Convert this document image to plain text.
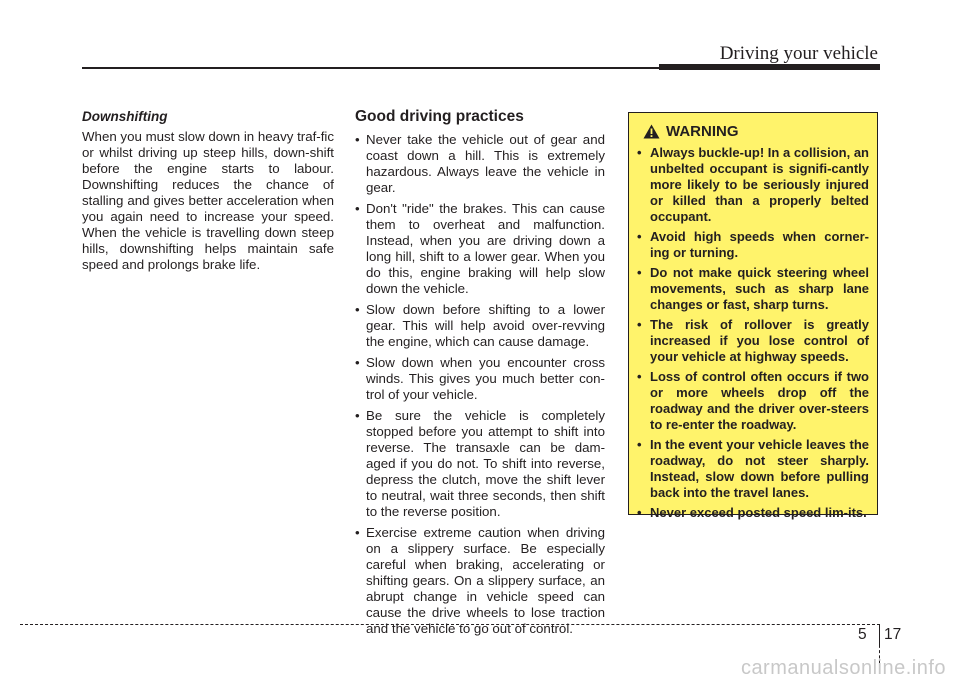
Driving your vehicle

Downshifting

When you must slow down in heavy traf-fic or whilst driving up steep hills, down-shift before the engine starts to labour. Downshifting reduces the chance of stalling and gives better acceleration when you again need to increase your speed. When the vehicle is travelling down steep hills, downshifting helps maintain safe speed and prolongs brake life.

Good driving practices

• Never take the vehicle out of gear and coast down a hill. This is extremely hazardous. Always leave the vehicle in gear.
• Don't "ride" the brakes. This can cause them to overheat and malfunction. Instead, when you are driving down a long hill, shift to a lower gear. When you do this, engine braking will help slow down the vehicle.
• Slow down before shifting to a lower gear. This will help avoid over-revving the engine, which can cause damage.
• Slow down when you encounter cross winds. This gives you much better con-trol of your vehicle.
• Be sure the vehicle is completely stopped before you attempt to shift into reverse. The transaxle can be dam-aged if you do not. To shift into reverse, depress the clutch, move the shift lever to neutral, wait three seconds, then shift to the reverse position.
• Exercise extreme caution when driving on a slippery surface. Be especially careful when braking, accelerating or shifting gears. On a slippery surface, an abrupt change in vehicle speed can cause the drive wheels to lose traction and the vehicle to go out of control.
WARNING
• Always buckle-up! In a collision, an unbelted occupant is signifi-cantly more likely to be seriously injured or killed than a properly belted occupant.
• Avoid high speeds when corner-ing or turning.
• Do not make quick steering wheel movements, such as sharp lane changes or fast, sharp turns.
• The risk of rollover is greatly increased if you lose control of your vehicle at highway speeds.
• Loss of control often occurs if two or more wheels drop off the roadway and the driver over-steers to re-enter the roadway.
• In the event your vehicle leaves the roadway, do not steer sharply. Instead, slow down before pulling back into the travel lanes.
• Never exceed posted speed lim-its.
5 17
carmanualsonline.info
